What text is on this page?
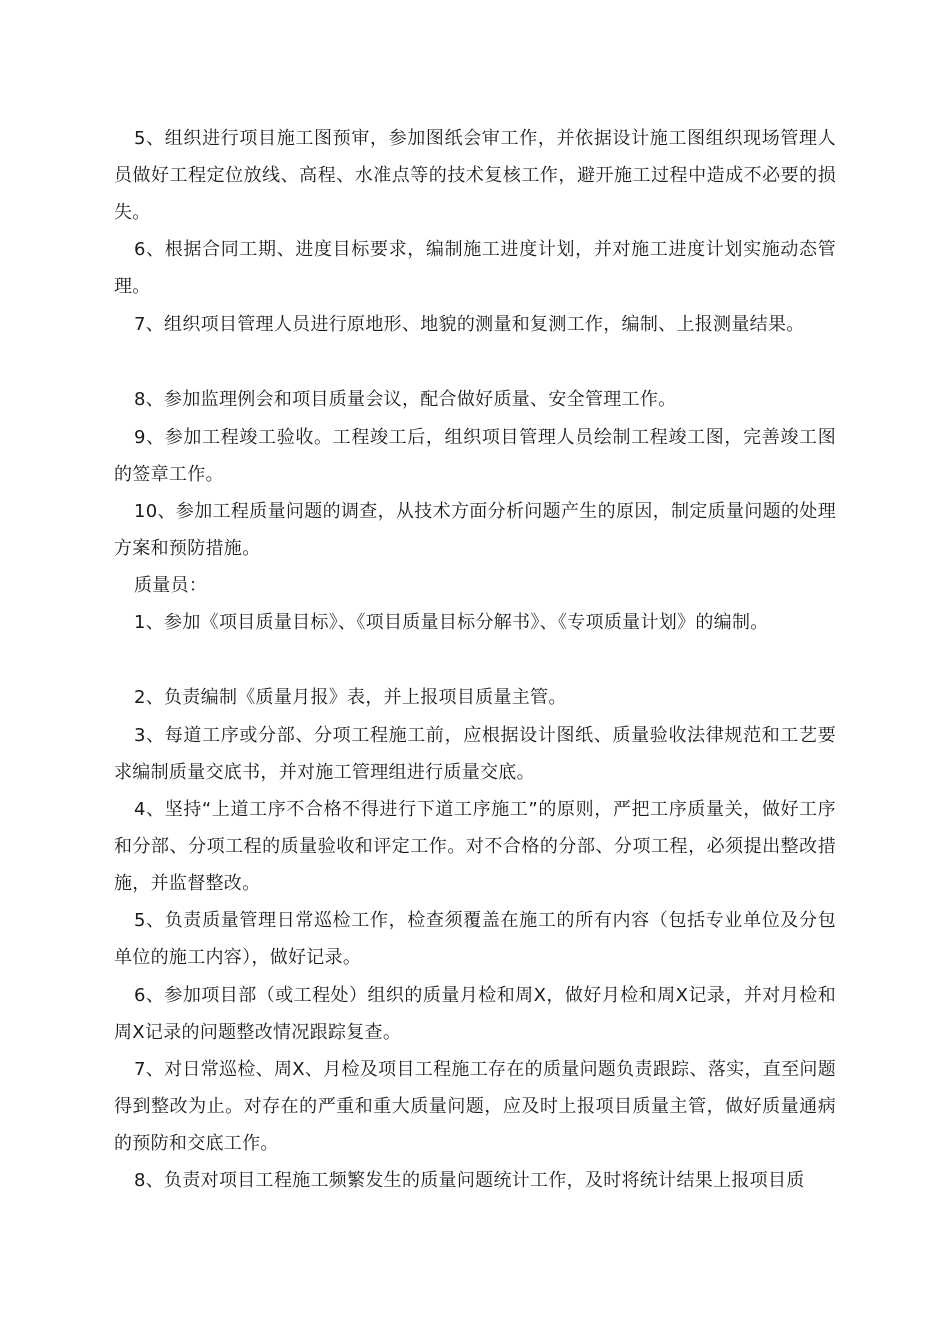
5、组织进行项目施工图预审，参加图纸会审工作，并依据设计施工图组织现场管理人员做好工程定位放线、高程、水准点等的技术复核工作，避开施工过程中造成不必要的损失。

6、根据合同工期、进度目标要求，编制施工进度计划，并对施工进度计划实施动态管理。

7、组织项目管理人员进行原地形、地貌的测量和复测工作，编制、上报测量结果。

8、参加监理例会和项目质量会议，配合做好质量、安全管理工作。

9、参加工程竣工验收。工程竣工后，组织项目管理人员绘制工程竣工图，完善竣工图的签章工作。

10、参加工程质量问题的调查，从技术方面分析问题产生的原因，制定质量问题的处理方案和预防措施。

质量员：

1、参加《项目质量目标》、《项目质量目标分解书》、《专项质量计划》的编制。

2、负责编制《质量月报》表，并上报项目质量主管。

3、每道工序或分部、分项工程施工前，应根据设计图纸、质量验收法律规范和工艺要求编制质量交底书，并对施工管理组进行质量交底。

4、坚持“上道工序不合格不得进行下道工序施工”的原则，严把工序质量关，做好工序和分部、分项工程的质量验收和评定工作。对不合格的分部、分项工程，必须提出整改措施，并监督整改。

5、负责质量管理日常巡检工作，检查须覆盖在施工的所有内容（包括专业单位及分包单位的施工内容），做好记录。

6、参加项目部（或工程处）组织的质量月检和周X，做好月检和周X记录，并对月检和周X记录的问题整改情况跟踪复查。

7、对日常巡检、周X、月检及项目工程施工存在的质量问题负责跟踪、落实，直至问题得到整改为止。对存在的严重和重大质量问题，应及时上报项目质量主管，做好质量通病的预防和交底工作。

8、负责对项目工程施工频繁发生的质量问题统计工作，及时将统计结果上报项目质
